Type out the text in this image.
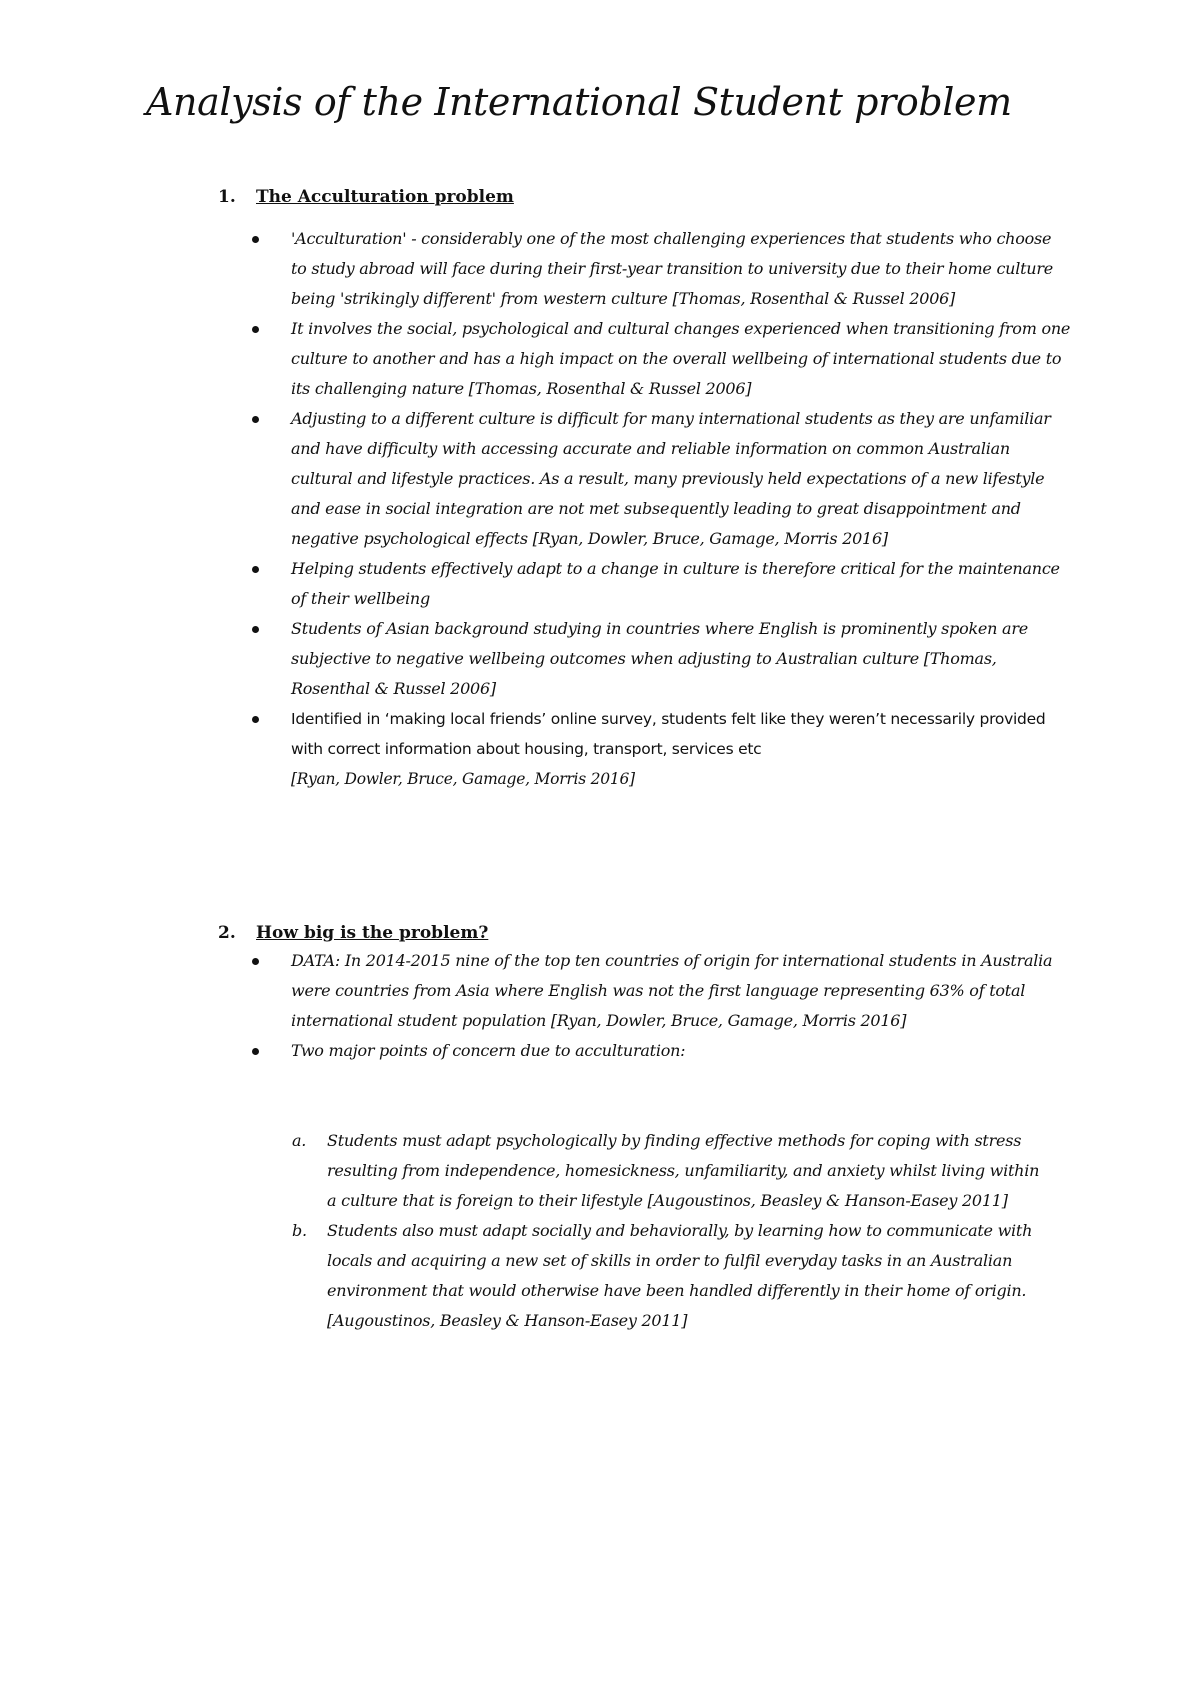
Analysis of the International Student problem
1. The Acculturation problem
'Acculturation' - considerably one of the most challenging experiences that students who choose to study abroad will face during their first-year transition to university due to their home culture being 'strikingly different' from western culture [Thomas, Rosenthal & Russel 2006]
It involves the social, psychological and cultural changes experienced when transitioning from one culture to another and has a high impact on the overall wellbeing of international students due to its challenging nature [Thomas, Rosenthal & Russel 2006]
Adjusting to a different culture is difficult for many international students as they are unfamiliar and have difficulty with accessing accurate and reliable information on common Australian cultural and lifestyle practices. As a result, many previously held expectations of a new lifestyle and ease in social integration are not met subsequently leading to great disappointment and negative psychological effects [Ryan, Dowler, Bruce, Gamage, Morris 2016]
Helping students effectively adapt to a change in culture is therefore critical for the maintenance of their wellbeing
Students of Asian background studying in countries where English is prominently spoken are subjective to negative wellbeing outcomes when adjusting to Australian culture [Thomas, Rosenthal & Russel 2006]
Identified in ‘making local friends’ online survey, students felt like they weren’t necessarily provided with correct information about housing, transport, services etc
[Ryan, Dowler, Bruce, Gamage, Morris 2016]
2. How big is the problem?
DATA: In 2014-2015 nine of the top ten countries of origin for international students in Australia were countries from Asia where English was not the first language representing 63% of total international student population [Ryan, Dowler, Bruce, Gamage, Morris 2016]
Two major points of concern due to acculturation:
a. Students must adapt psychologically by finding effective methods for coping with stress resulting from independence, homesickness, unfamiliarity, and anxiety whilst living within a culture that is foreign to their lifestyle [Augoustinos, Beasley & Hanson-Easey 2011]
b. Students also must adapt socially and behaviorally, by learning how to communicate with locals and acquiring a new set of skills in order to fulfil everyday tasks in an Australian environment that would otherwise have been handled differently in their home of origin. [Augoustinos, Beasley & Hanson-Easey 2011]
